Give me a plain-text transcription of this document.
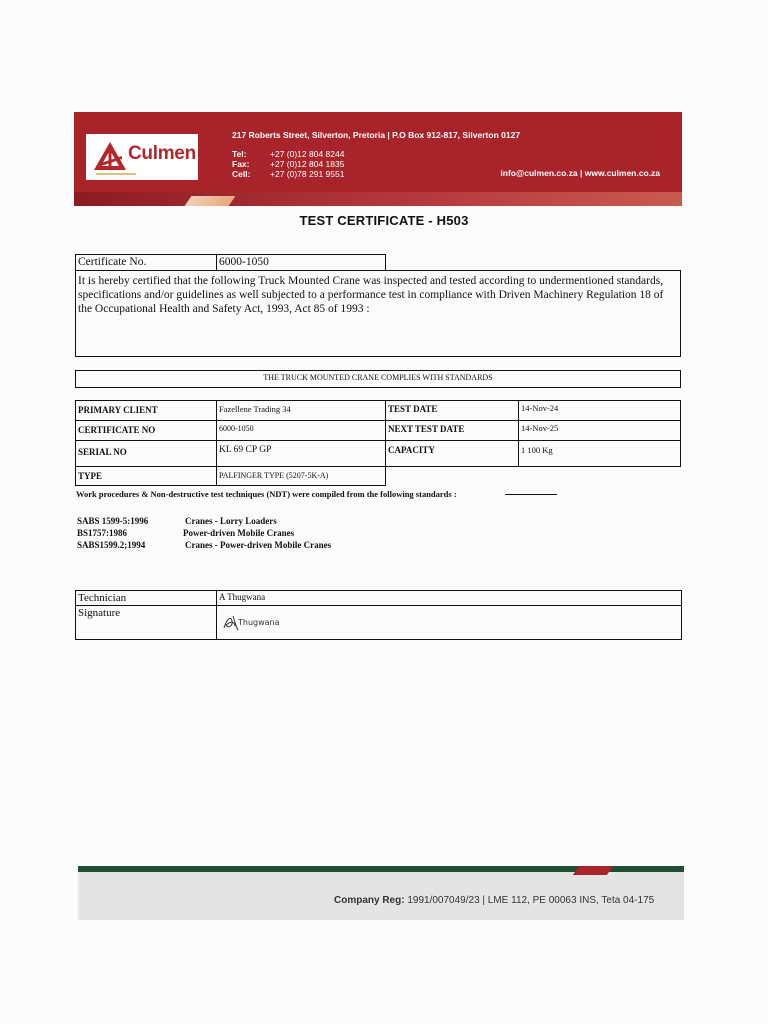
Culmen
217 Roberts Street, Silverton, Pretoria | P.O Box 912-817, Silverton 0127
Tel:	+27 (0)12 804 8244
Fax: +27 (0)12 804 1835
Cell: +27 (0)78 291 9551	info@culmen.co.za | www.culmen.co.za
TEST CERTIFICATE - H503
Certificate No.	6000-1050
It is hereby certified that the following Truck Mounted Crane was inspected and tested according to undermentioned standards, specifications and/or guidelines as well subjected to a performance test in compliance with Driven Machinery Regulation 18 of the Occupational Health and Safety Act, 1993, Act 85 of 1993 :
THE TRUCK MOUNTED CRANE COMPLIES WITH STANDARDS
PRIMARY CLIENT	Fazellene Trading 34	TEST DATE	14-Nov-24
CERTIFICATE NO	6000-1050	NEXT TEST DATE	14-Nov-25
SERIAL NO	KL 69 CP GP	CAPACITY	1 100 Kg
TYPE	PALFINGER TYPE (5207-5K-A)
Work procedures & Non-destructive test techniques (NDT) were compiled from the following standards :
SABS 1599-5:1996	Cranes - Lorry Loaders
BS1757:1986	Power-driven Mobile Cranes
SABS1599.2;1994	Cranes - Power-driven Mobile Cranes
Technician	A Thugwana
Signature
Thugwana
Company Reg: 1991/007049/23 | LME 112, PE 00063 INS, Teta 04-175
